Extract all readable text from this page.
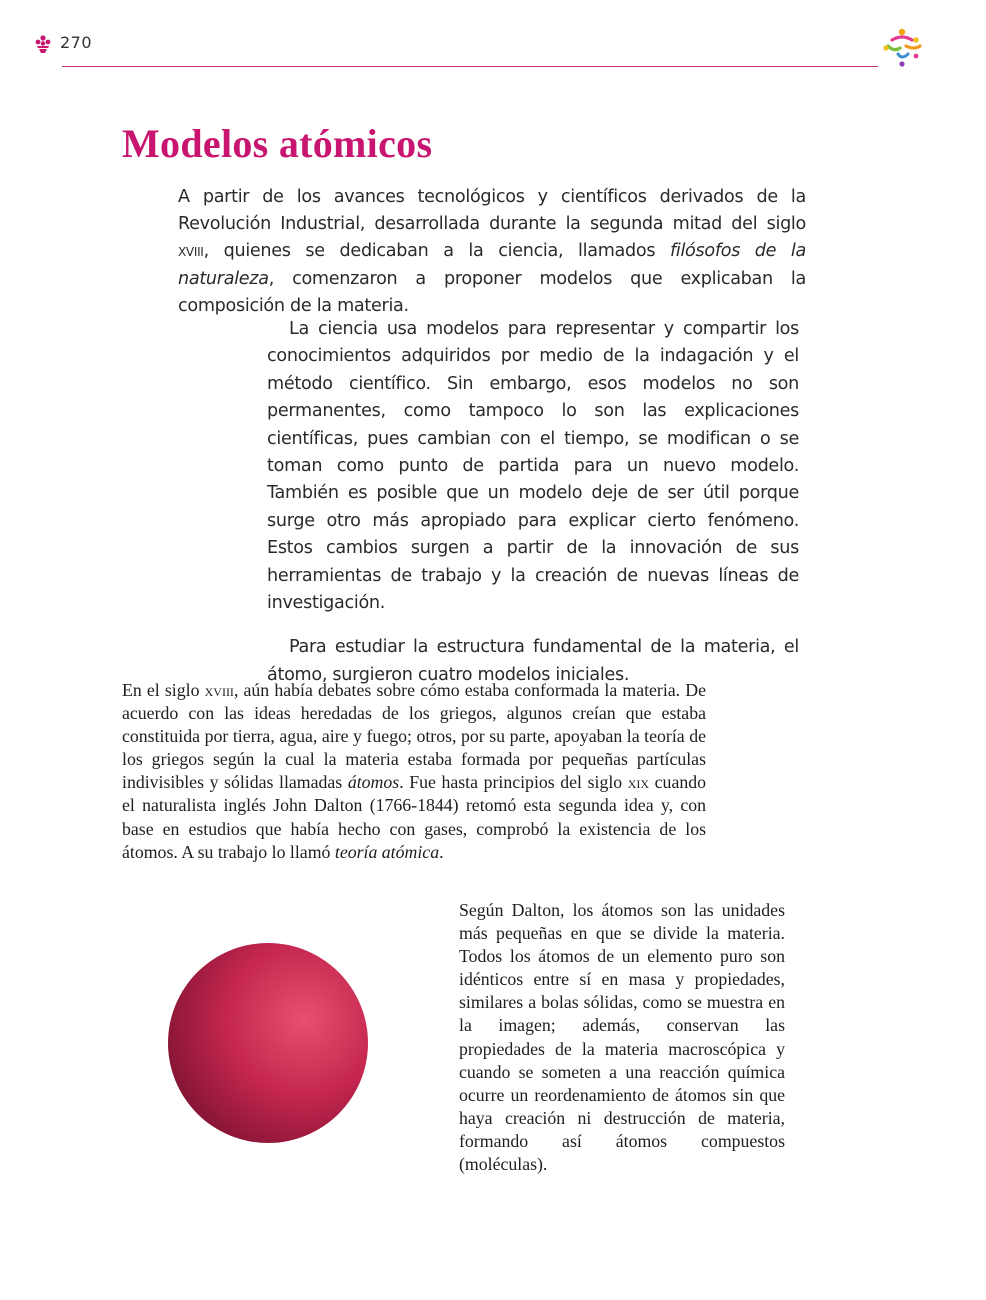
270
Modelos atómicos

A partir de los avances tecnológicos y científicos derivados de la Revolución Industrial, desarrollada durante la segunda mitad del siglo xviii, quienes se dedicaban a la ciencia, llamados filósofos de la naturaleza, comenzaron a proponer modelos que explicaban la composición de la materia.

La ciencia usa modelos para representar y compartir los conocimientos adquiridos por medio de la indagación y el método científico. Sin embargo, esos modelos no son permanentes, como tampoco lo son las explicaciones científicas, pues cambian con el tiempo, se modifican o se toman como punto de partida para un nuevo modelo. También es posible que un modelo deje de ser útil porque surge otro más apropiado para explicar cierto fenómeno. Estos cambios surgen a partir de la innovación de sus herramientas de trabajo y la creación de nuevas líneas de investigación.

Para estudiar la estructura fundamental de la materia, el átomo, surgieron cuatro modelos iniciales.

En el siglo xviii, aún había debates sobre cómo estaba conformada la materia. De acuerdo con las ideas heredadas de los griegos, algunos creían que estaba constituida por tierra, agua, aire y fuego; otros, por su parte, apoyaban la teoría de los griegos según la cual la materia estaba formada por pequeñas partículas indivisibles y sólidas llamadas átomos. Fue hasta principios del siglo xix cuando el naturalista inglés John Dalton (1766-1844) retomó esta segunda idea y, con base en estudios que había hecho con gases, comprobó la existencia de los átomos. A su trabajo lo llamó teoría atómica.

Según Dalton, los átomos son las unidades más pequeñas en que se divide la materia. Todos los átomos de un elemento puro son idénticos entre sí en masa y propiedades, similares a bolas sólidas, como se muestra en la imagen; además, conservan las propiedades de la materia macroscópica y cuando se someten a una reacción química ocurre un reordenamiento de átomos sin que haya creación ni destrucción de materia, formando así átomos compuestos (moléculas).
